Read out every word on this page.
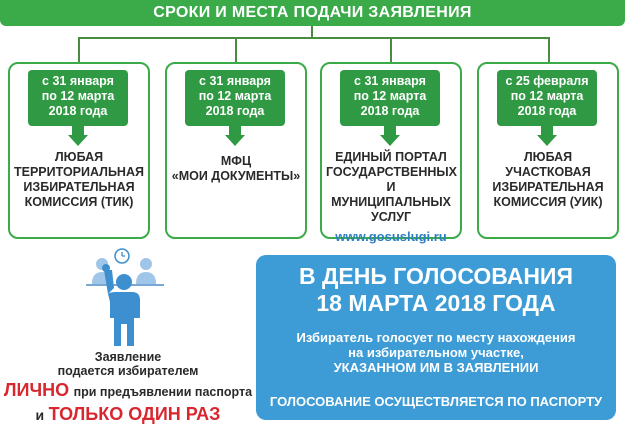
СРОКИ И МЕСТА ПОДАЧИ ЗАЯВЛЕНИЯ
с 31 января
по 12 марта
2018 года
ЛЮБАЯ
ТЕРРИТОРИАЛЬНАЯ
ИЗБИРАТЕЛЬНАЯ
КОМИССИЯ (ТИК)
с 31 января
по 12 марта
2018 года
МФЦ
«МОИ ДОКУМЕНТЫ»
с 31 января
по 12 марта
2018 года
ЕДИНЫЙ ПОРТАЛ
ГОСУДАРСТВЕННЫХ
И МУНИЦИПАЛЬНЫХ
УСЛУГ
www.gosuslugi.ru
с 25 февраля
по 12 марта
2018 года
ЛЮБАЯ
УЧАСТКОВАЯ
ИЗБИРАТЕЛЬНАЯ
КОМИССИЯ (УИК)
Заявление
подается избирателем
ЛИЧНО при предъявлении паспорта
и ТОЛЬКО ОДИН РАЗ
В ДЕНЬ ГОЛОСОВАНИЯ
18 МАРТА 2018 ГОДА
Избиратель голосует по месту нахождения
на избирательном участке,
УКАЗАННОМ ИМ В ЗАЯВЛЕНИИ
ГОЛОСОВАНИЕ ОСУЩЕСТВЛЯЕТСЯ ПО ПАСПОРТУ
